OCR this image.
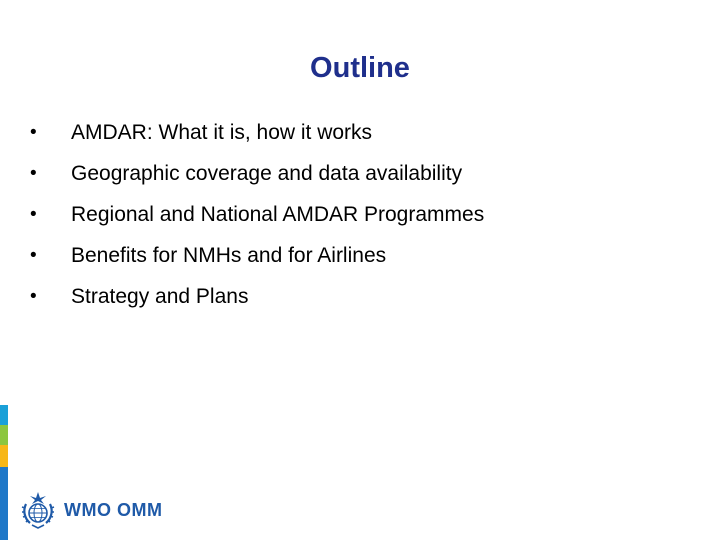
Outline
• AMDAR: What it is, how it works
• Geographic coverage and data availability
• Regional and National AMDAR Programmes
• Benefits for NMHs and for Airlines
• Strategy and Plans
WMO OMM
